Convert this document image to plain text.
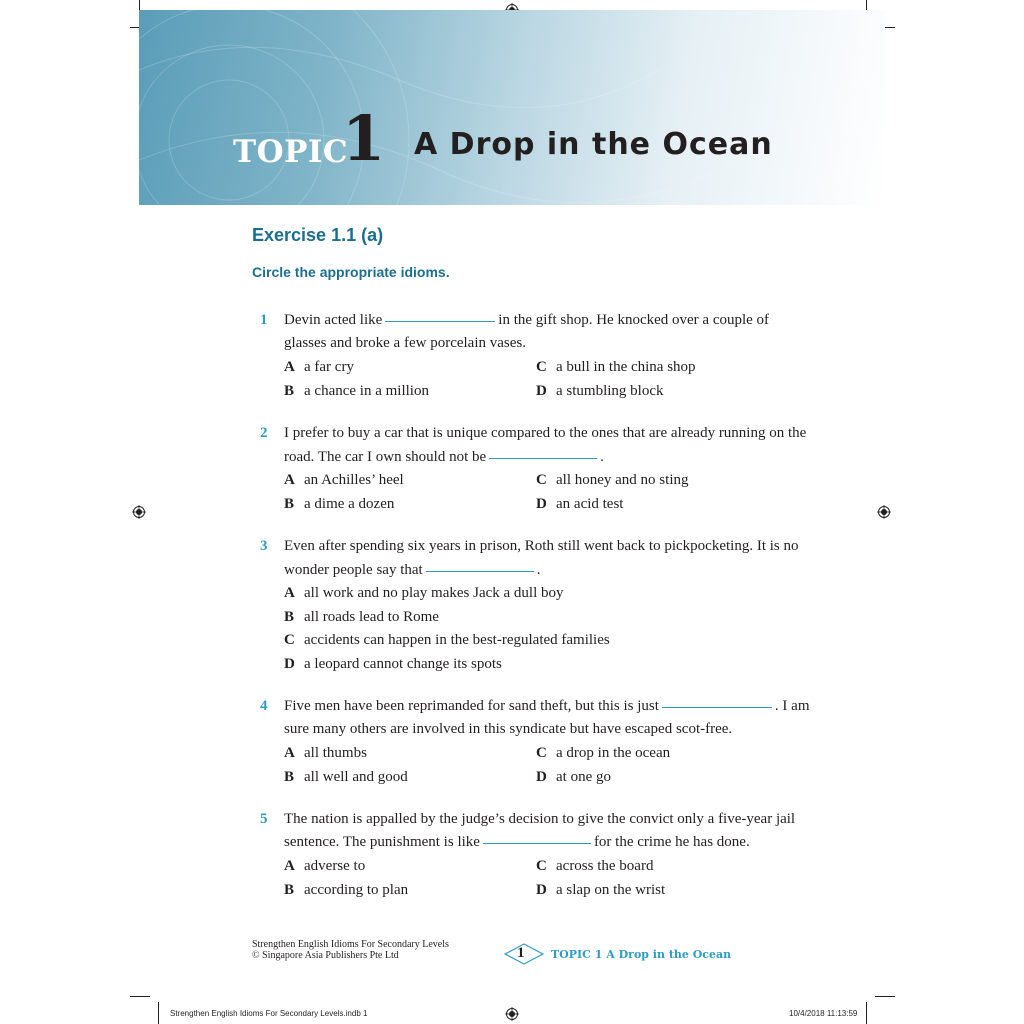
TOPIC
1 A Drop in the Ocean
Exercise 1.1 (a)
Circle the appropriate idioms.
1 Devin acted like	in the gift shop. He knocked over a couple of
glasses and broke a few porcelain vases.
A a far cry
B a chance in a million
C a bull in the china shop
D a stumbling block
2 I prefer to buy a car that is unique compared to the ones that are already running on the
road. The car I own should not be	.
A an Achilles’ heel
B a dime a dozen
C all honey and no sting
D an acid test
3 Even after spending six years in prison, Roth still went back to pickpocketing. It is no
wonder people say that	.
A all work and no play makes Jack a dull boy
B all roads lead to Rome
C accidents can happen in the best-regulated families
D a leopard cannot change its spots
4 Five men have been reprimanded for sand theft, but this is just	. I am
sure many others are involved in this syndicate but have escaped scot-free.
A all thumbs
B all well and good
C a drop in the ocean
D at one go
5 The nation is appalled by the judge’s decision to give the convict only a five-year jail
sentence. The punishment is like	for the crime he has done.
A adverse to
B according to plan
C across the board
D a slap on the wrist
Strengthen English Idioms For Secondary Levels
© Singapore Asia Publishers Pte Ltd	1 TOPIC 1 A Drop in the Ocean
Strengthen English Idioms For Secondary Levels.indb 1	10/4/2018 11:13:59
